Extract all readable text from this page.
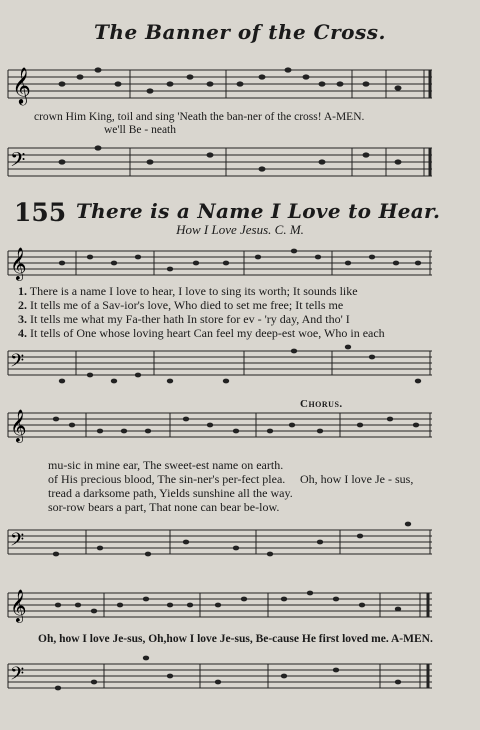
The Banner of the Cross.
𝄞
crown Him King, toil and sing 'Neath the ban-ner of the cross! A-MEN.
we'll Be - neath
𝄢
155 There is a Name I Love to Hear.
How I Love Jesus. C. M.
𝄞
1. There is a name I love to hear, I love to sing its worth; It sounds like
2. It tells me of a Sav-ior's love, Who died to set me free; It tells me
3. It tells me what my Fa-ther hath In store for ev - 'ry day, And tho' I
4. It tells of One whose loving heart Can feel my deep-est woe, Who in each
𝄢
Chorus.
𝄞
mu-sic in mine ear, The sweet-est name on earth.
of His precious blood, The sin-ner's per-fect plea. Oh, how I love Je - sus,
tread a darksome path, Yields sunshine all the way.
sor-row bears a part, That none can bear be-low.
𝄢
𝄞
Oh, how I love Je-sus, Oh,how I love Je-sus, Be-cause He first loved me. A-MEN.
𝄢
